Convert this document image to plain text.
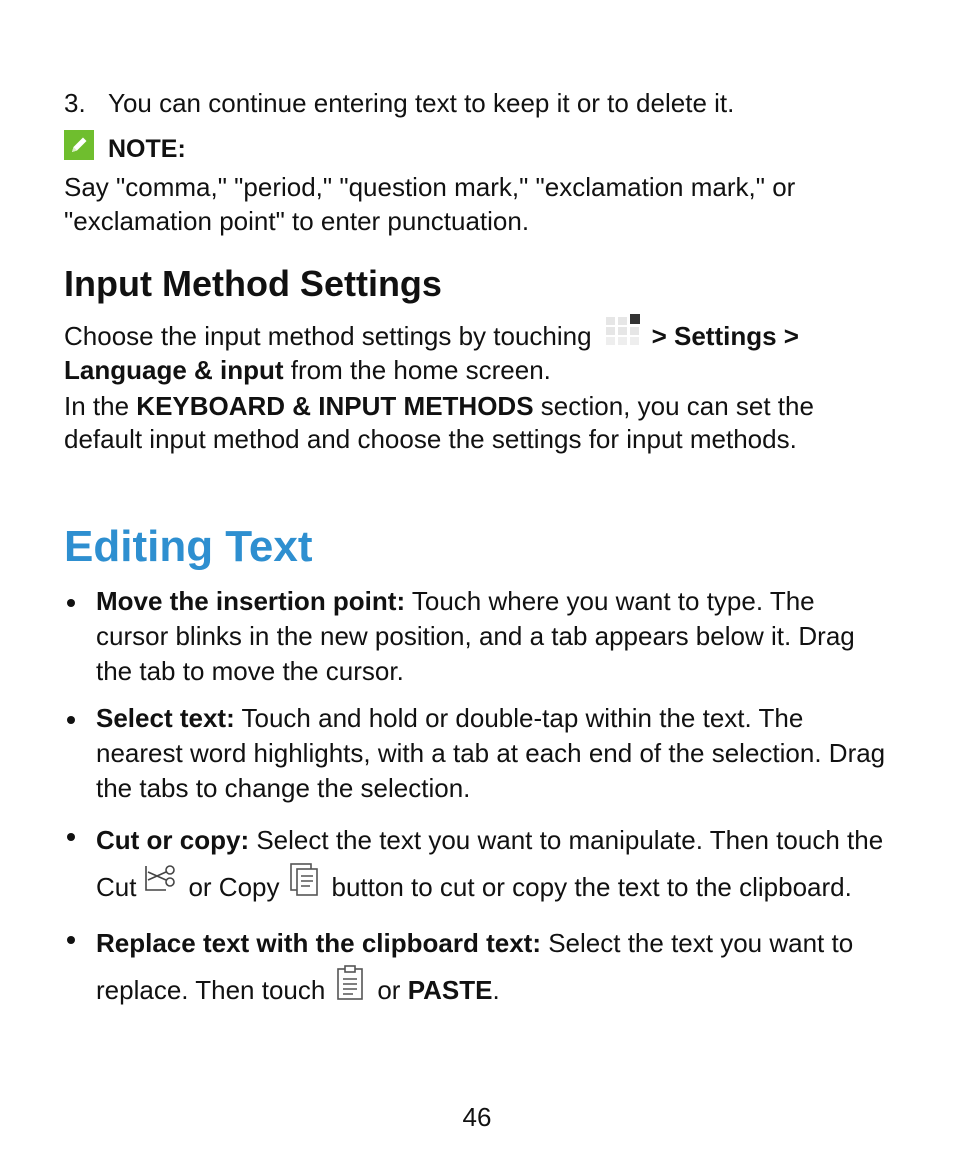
3. You can continue entering text to keep it or to delete it.
NOTE:
Say "comma," "period," "question mark," "exclamation mark," or "exclamation point" to enter punctuation.
Input Method Settings
Choose the input method settings by touching > Settings > Language & input from the home screen.
In the KEYBOARD & INPUT METHODS section, you can set the default input method and choose the settings for input methods.
Editing Text
Move the insertion point: Touch where you want to type. The cursor blinks in the new position, and a tab appears below it. Drag the tab to move the cursor.
Select text: Touch and hold or double-tap within the text. The nearest word highlights, with a tab at each end of the selection. Drag the tabs to change the selection.
Cut or copy: Select the text you want to manipulate. Then touch the Cut or Copy button to cut or copy the text to the clipboard.
Replace text with the clipboard text: Select the text you want to replace. Then touch or PASTE.
46
